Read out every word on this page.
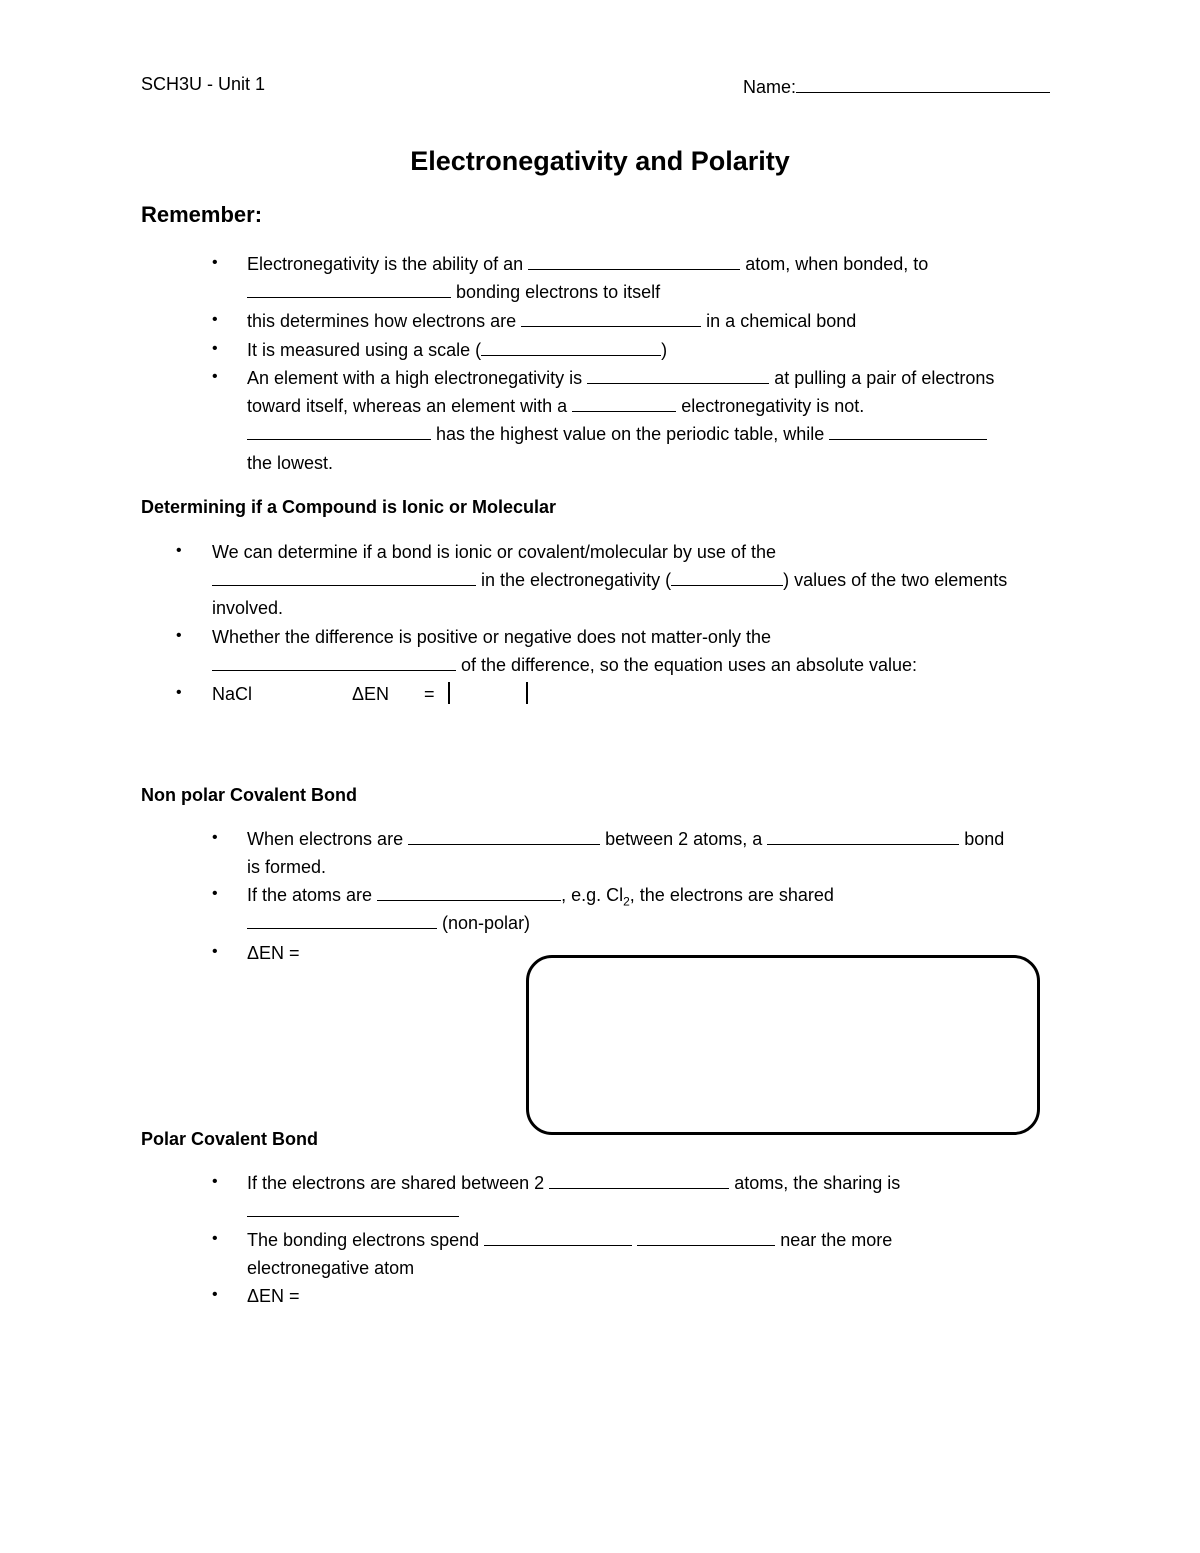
SCH3U - Unit 1	Name:
Electronegativity and Polarity
Remember:
• Electronegativity is the ability of an	atom, when bonded, to
bonding electrons to itself
• this determines how electrons are	in a chemical bond
• It is measured using a scale (	)
• An element with a high electronegativity is	at pulling a pair of electrons
toward itself, whereas an element with a	electronegativity is not.
has the highest value on the periodic table, while
the lowest.
Determining if a Compound is Ionic or Molecular
• We can determine if a bond is ionic or covalent/molecular by use of the
in the electronegativity (	) values of the two elements
involved.
• Whether the difference is positive or negative does not matter-only the
of the difference, so the equation uses an absolute value:
• NaCl	ΔEN =
Non polar Covalent Bond
• When electrons are	between 2 atoms, a	bond
is formed.
• If the atoms are	, e.g. $Cl_2$, the electrons are shared
(non-polar)
• ΔEN =
Polar Covalent Bond
• If the electrons are shared between 2	atoms, the sharing is
• The bonding electrons spend	near the more
electronegative atom
• ΔEN =
